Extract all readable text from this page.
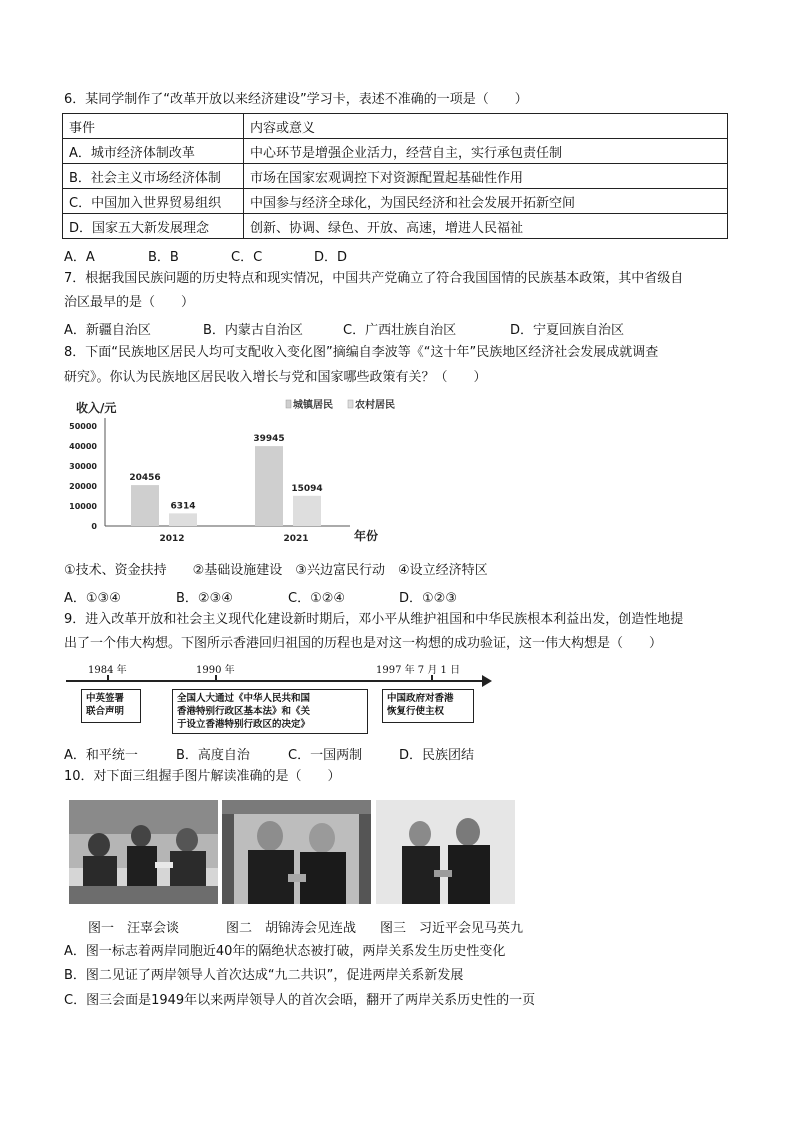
6．某同学制作了“改革开放以来经济建设”学习卡，表述不准确的一项是（　　）
事件	内容或意义
A．城市经济体制改革	中心环节是增强企业活力，经营自主，实行承包责任制
B．社会主义市场经济体制	市场在国家宏观调控下对资源配置起基础性作用
C．中国加入世界贸易组织	中国参与经济全球化，为国民经济和社会发展开拓新空间
D．国家五大新发展理念	创新、协调、绿色、开放、高速，增进人民福祉
A．A	B．B	C．C	D．D
7．根据我国民族问题的历史特点和现实情况，中国共产党确立了符合我国国情的民族基本政策，其中省级自
治区最早的是（　　）
A．新疆自治区	B．内蒙古自治区	C．广西壮族自治区	D．宁夏回族自治区
8．下面“民族地区居民人均可支配收入变化图”摘编自李波等《“这十年”民族地区经济社会发展成就调查
研究》。你认为民族地区居民收入增长与党和国家哪些政策有关？（　　）
收入/元
年份
0
10000
20000
30000
40000
50000
城镇居民 农村居民
2012
20456
6314
2021
39945
15094
①技术、资金扶持　　②基础设施建设　③兴边富民行动　④设立经济特区
A．①③④	B．②③④	C．①②④	D．①②③
9．进入改革开放和社会主义现代化建设新时期后，邓小平从维护祖国和中华民族根本利益出发，创造性地提
出了一个伟大构想。下图所示香港回归祖国的历程也是对这一构想的成功验证，这一伟大构想是（　　）
1984 年	1990 年	1997 年 7 月 1 日
中英签署
联合声明
全国人大通过《中华人民共和国
香港特别行政区基本法》和《关
于设立香港特别行政区的决定》
中国政府对香港
恢复行使主权
A．和平统一	B．高度自治	C．一国两制	D．民族团结
10．对下面三组握手图片解读准确的是（　　）
图一　汪辜会谈	图二　胡锦涛会见连战 图三　习近平会见马英九
A．图一标志着两岸同胞近40年的隔绝状态被打破，两岸关系发生历史性变化
B．图二见证了两岸领导人首次达成“九二共识”，促进两岸关系新发展
C．图三会面是1949年以来两岸领导人的首次会晤，翻开了两岸关系历史性的一页
